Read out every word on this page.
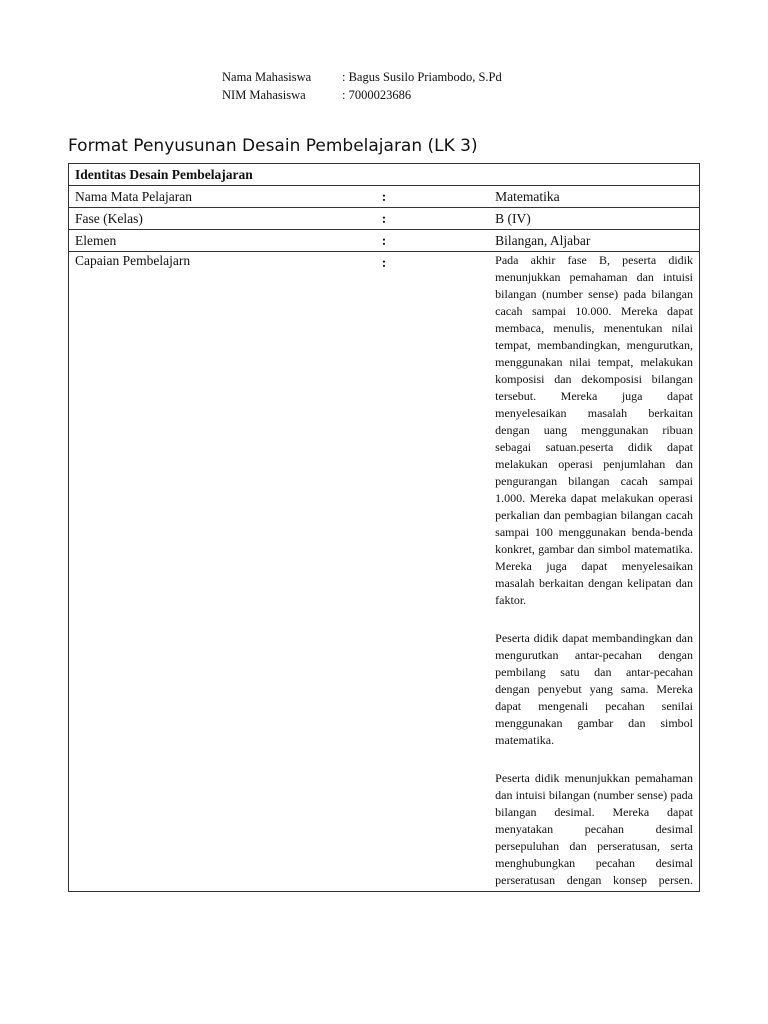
Nama Mahasiswa	: Bagus Susilo Priambodo, S.Pd
NIM Mahasiswa	: 7000023686
Format Penyusunan Desain Pembelajaran (LK 3)
Identitas Desain Pembelajaran		
Nama Mata Pelajaran	:	Matematika
Fase (Kelas)	:	B (IV)
Elemen	:	Bilangan, Aljabar
Capaian Pembelajarn	:	Pada akhir fase B, peserta didik menunjukkan pemahaman dan intuisi bilangan (number sense) pada bilangan cacah sampai 10.000. Mereka dapat membaca, menulis, menentukan nilai tempat, membandingkan, mengurutkan, menggunakan nilai tempat, melakukan komposisi dan dekomposisi bilangan tersebut. Mereka juga dapat menyelesaikan masalah berkaitan dengan uang menggunakan ribuan sebagai satuan.peserta didik dapat melakukan operasi penjumlahan dan pengurangan bilangan cacah sampai 1.000. Mereka dapat melakukan operasi perkalian dan pembagian bilangan cacah sampai 100 menggunakan benda-benda konkret, gambar dan simbol matematika. Mereka juga dapat menyelesaikan masalah berkaitan dengan kelipatan dan faktor.

Peserta didik dapat membandingkan dan mengurutkan antar-pecahan dengan pembilang satu dan antar-pecahan dengan penyebut yang sama. Mereka dapat mengenali pecahan senilai menggunakan gambar dan simbol matematika.

Peserta didik menunjukkan pemahaman dan intuisi bilangan (number sense) pada bilangan desimal. Mereka dapat menyatakan pecahan desimal persepuluhan dan perseratusan, serta menghubungkan pecahan desimal perseratusan dengan konsep persen.
